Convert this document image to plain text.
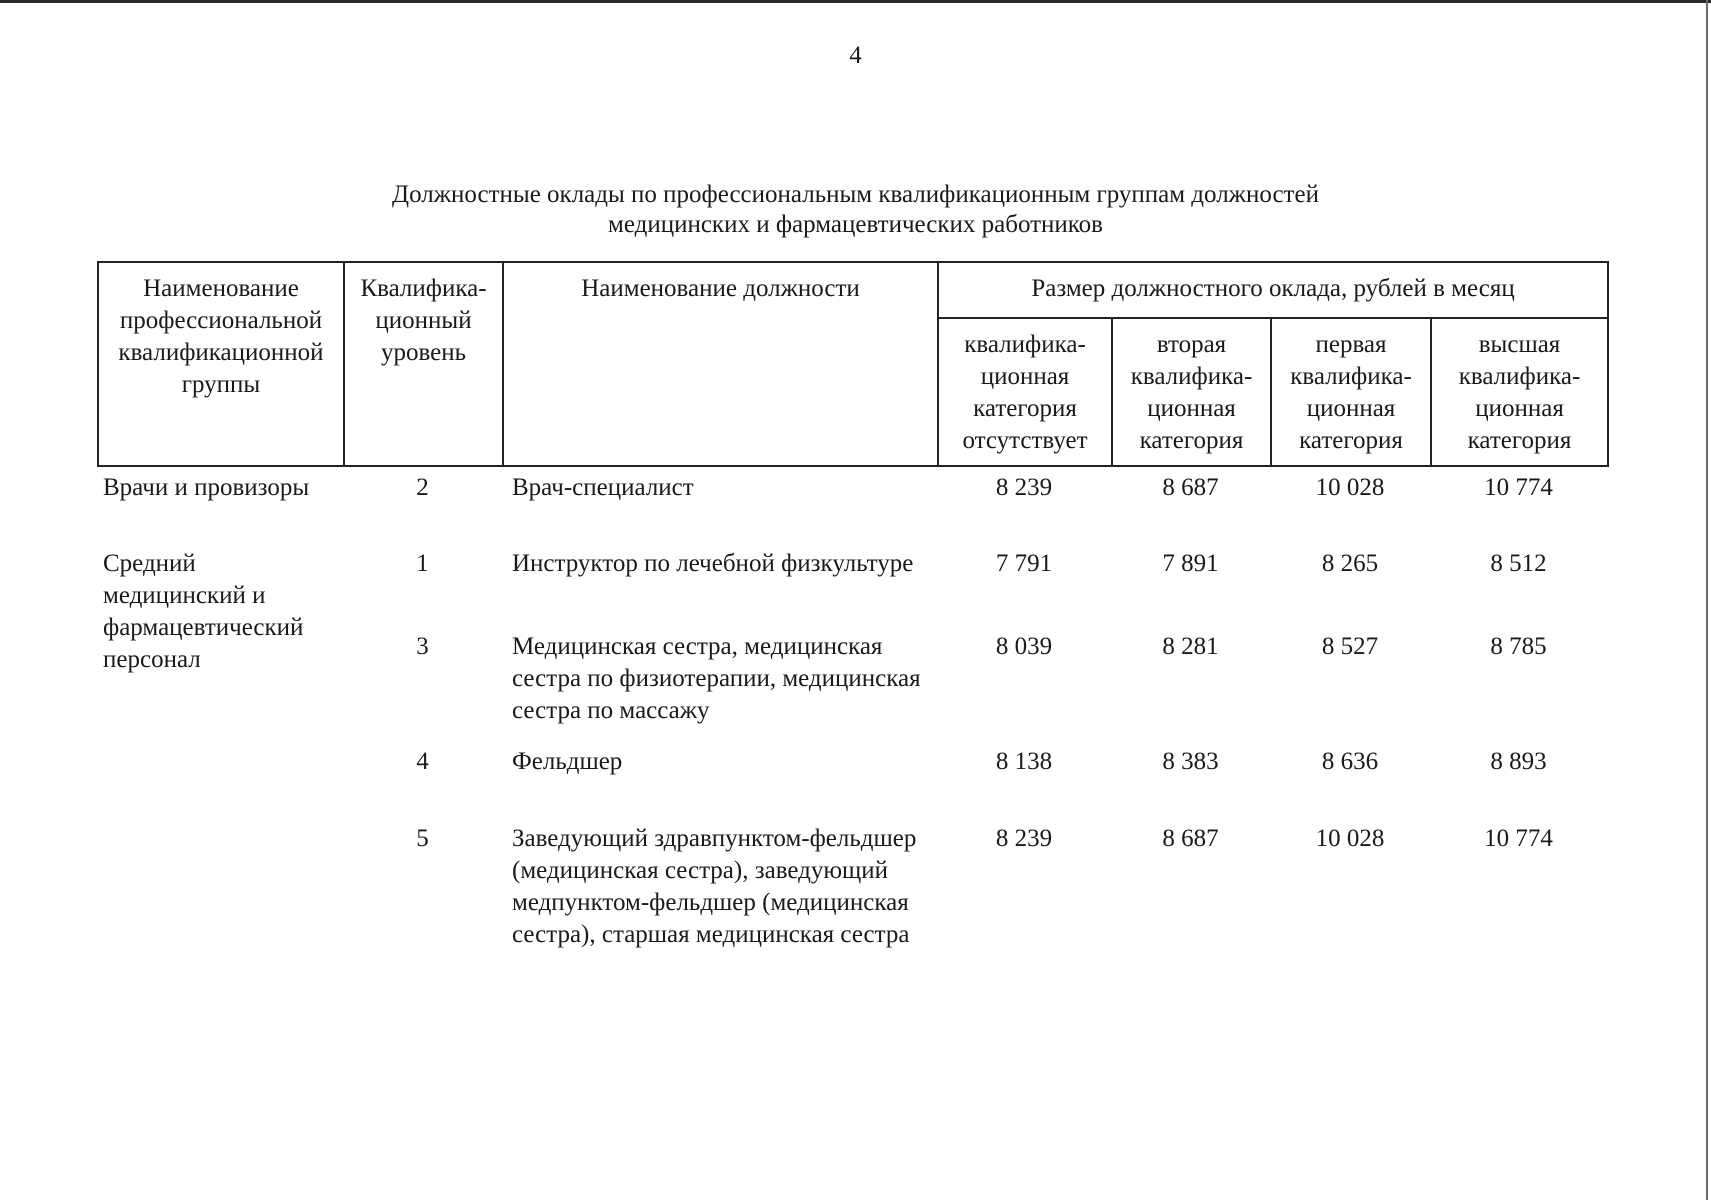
4
Должностные оклады по профессиональным квалификационным группам должностей
медицинских и фармацевтических работников
Наименование профессиональной квалификационной группы	Квалифика-ционный уровень	Наименование должности	Размер должностного оклада, рублей в месяц			
			квалифика-ционная категория отсутствует	вторая квалифика-ционная категория	первая квалифика-ционная категория	высшая квалифика-ционная категория
Врачи и провизоры	2	Врач-специалист	8 239	8 687	10 028	10 774
Средний медицинский и фармацевтический персонал	1	Инструктор по лечебной физкультуре	7 791	7 891	8 265	8 512
	3	Медицинская сестра, медицинская сестра по физиотерапии, медицинская сестра по массажу	8 039	8 281	8 527	8 785
	4	Фельдшер	8 138	8 383	8 636	8 893
	5	Заведующий здравпунктом-фельдшер (медицинская сестра), заведующий медпунктом-фельдшер (медицинская сестра), старшая медицинская сестра	8 239	8 687	10 028	10 774
